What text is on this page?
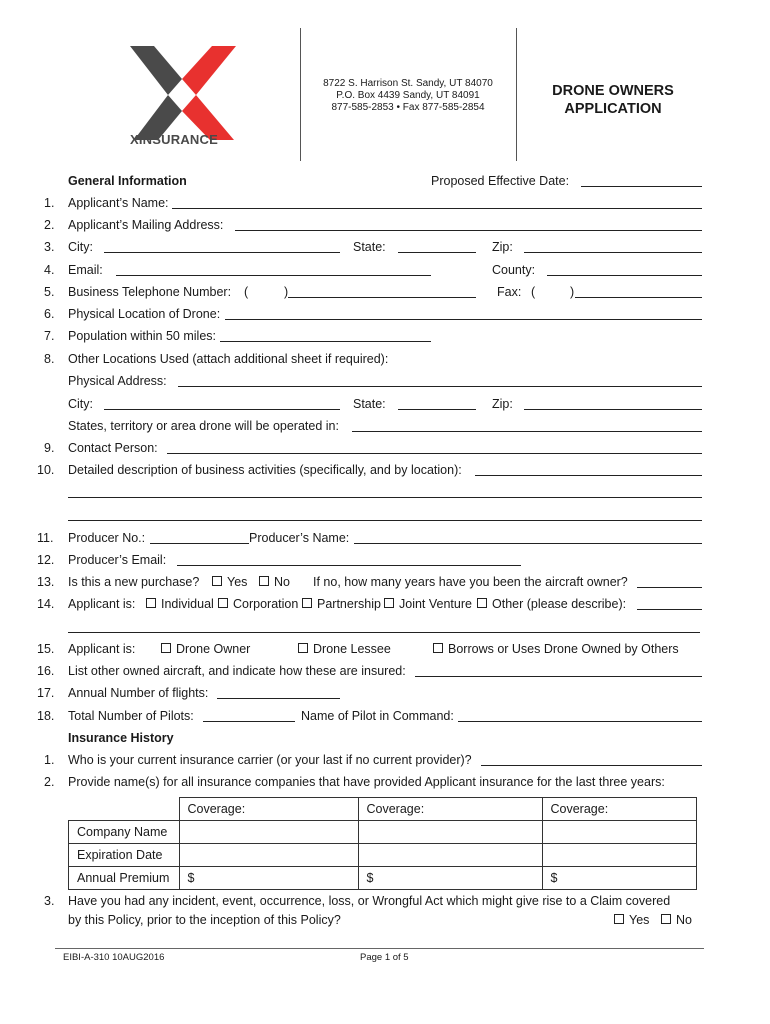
XINSURANCE
8722 S. Harrison St. Sandy, UT 84070
P.O. Box 4439 Sandy, UT 84091
877-585-2853 • Fax 877-585-2854
DRONE OWNERS
APPLICATION
General Information	Proposed Effective Date:
1. Applicant’s Name:
2. Applicant’s Mailing Address:
3. City:	State:	Zip:
4. Email:	County:
5. Business Telephone Number: (	)	Fax: (	)
6. Physical Location of Drone:
7. Population within 50 miles:
8. Other Locations Used (attach additional sheet if required):
Physical Address:
City:	State:	Zip:
States, territory or area drone will be operated in:
9. Contact Person:
10. Detailed description of business activities (specifically, and by location):
11. Producer No.:	Producer’s Name:
12. Producer’s Email:
13. Is this a new purchase?	Yes	No If no, how many years have you been the aircraft owner?
14. Applicant is:	Individual	Corporation	Partnership	Joint Venture	Other (please describe):
15. Applicant is:	Drone Owner	Drone Lessee	Borrows or Uses Drone Owned by Others
16. List other owned aircraft, and indicate how these are insured:
17. Annual Number of flights:
18. Total Number of Pilots:	Name of Pilot in Command:
Insurance History
1. Who is your current insurance carrier (or your last if no current provider)?
2. Provide name(s) for all insurance companies that have provided Applicant insurance for the last three years:
	Coverage:	Coverage:	Coverage:
Company Name			
Expiration Date			
Annual Premium	$	$	$
3. Have you had any incident, event, occurrence, loss, or Wrongful Act which might give rise to a Claim covered
by this Policy, prior to the inception of this Policy?	Yes	No
EIBI-A-310 10AUG2016	Page 1 of 5
